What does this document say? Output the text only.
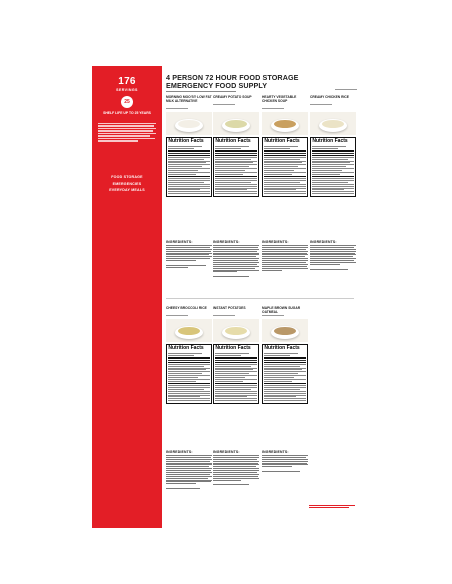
176
SERVINGS
25
SHELF LIFE UP TO 25 YEARS
FOOD STORAGE
EMERGENCIES
EVERYDAY MEALS
4 PERSON 72 HOUR FOOD STORAGE
EMERGENCY FOOD SUPPLY
MORNING MOO'S® LOW FAT MILK ALTERNATIVE
Nutrition Facts
INGREDIENTS:
CREAMY POTATO SOUP
Nutrition Facts
INGREDIENTS:
HEARTY VEGETABLE CHICKEN SOUP
Nutrition Facts
INGREDIENTS:
CREAMY CHICKEN RICE
Nutrition Facts
INGREDIENTS:
CHEESY BROCCOLI RICE
Nutrition Facts
INGREDIENTS:
INSTANT POTATOES
Nutrition Facts
INGREDIENTS:
MAPLE BROWN SUGAR OATMEAL
Nutrition Facts
INGREDIENTS:
